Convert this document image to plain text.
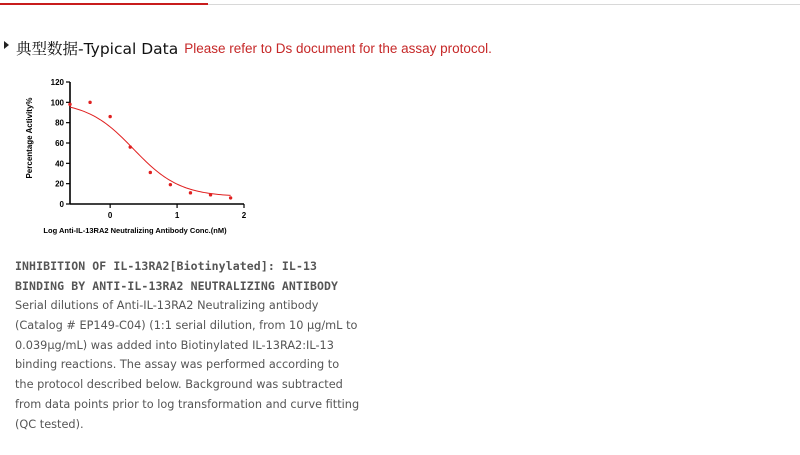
典型数据-Typical Data Please refer to Ds document for the assay protocol.
Percentage Activity%
Log Anti-IL-13RA2 Neutralizing Antibody Conc.(nM)
0
20
40
60
80
100
120
0	1	2
INHIBITION OF IL-13RA2[Biotinylated]: IL-13 BINDING BY ANTI-IL-13RA2 NEUTRALIZING ANTIBODY
Serial dilutions of Anti-IL-13RA2 Neutralizing antibody (Catalog # EP149-C04) (1:1 serial dilution, from 10 μg/mL to 0.039μg/mL) was added into Biotinylated IL-13RA2:IL-13 binding reactions. The assay was performed according to the protocol described below. Background was subtracted from data points prior to log transformation and curve fitting (QC tested).
